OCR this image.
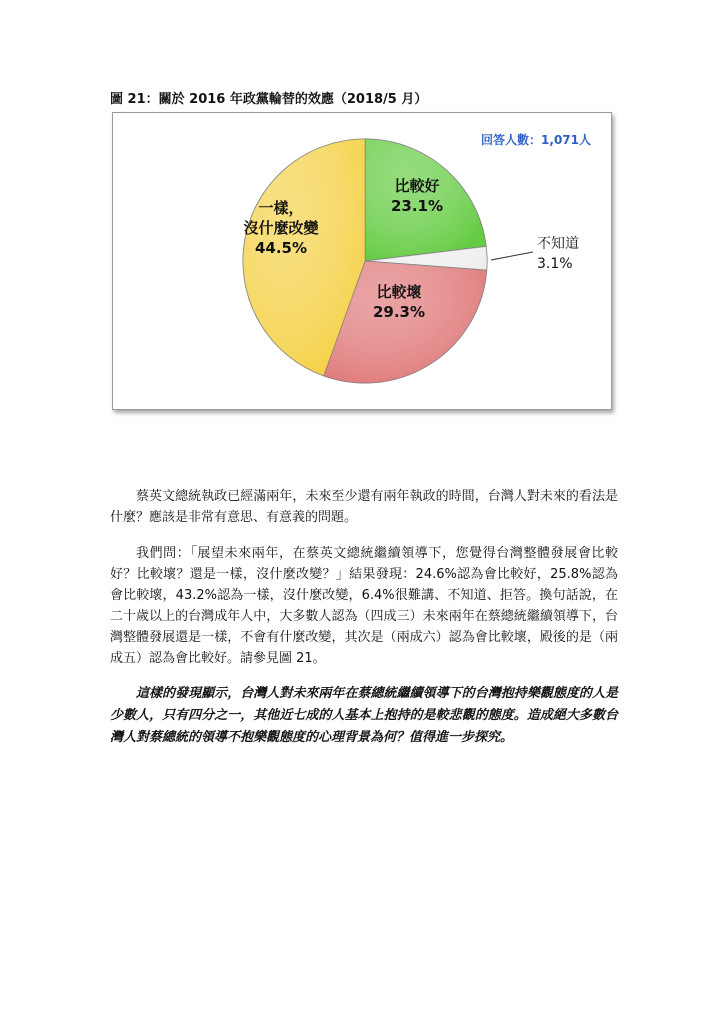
圖 21：關於 2016 年政黨輪替的效應（2018/5 月）
回答人數：1,071人
比較好
23.1%
不知道
3.1%
比較壞
29.3%
一樣，
沒什麼改變
44.5%
蔡英文總統執政已經滿兩年，未來至少還有兩年執政的時間，台灣人對未來的看法是什麼？應該是非常有意思、有意義的問題。
我們問：「展望未來兩年，在蔡英文總統繼續領導下，您覺得台灣整體發展會比較好？比較壞？還是一樣，沒什麼改變？」結果發現：24.6%認為會比較好，25.8%認為會比較壞，43.2%認為一樣，沒什麼改變，6.4%很難講、不知道、拒答。換句話說，在二十歲以上的台灣成年人中，大多數人認為（四成三）未來兩年在蔡總統繼續領導下，台灣整體發展還是一樣，不會有什麼改變，其次是（兩成六）認為會比較壞，殿後的是（兩成五）認為會比較好。請參見圖 21。
這樣的發現顯示，台灣人對未來兩年在蔡總統繼續領導下的台灣抱持樂觀態度的人是少數人，只有四分之一，其他近七成的人基本上抱持的是較悲觀的態度。造成絕大多數台灣人對蔡總統的領導不抱樂觀態度的心理背景為何？值得進一步探究。
